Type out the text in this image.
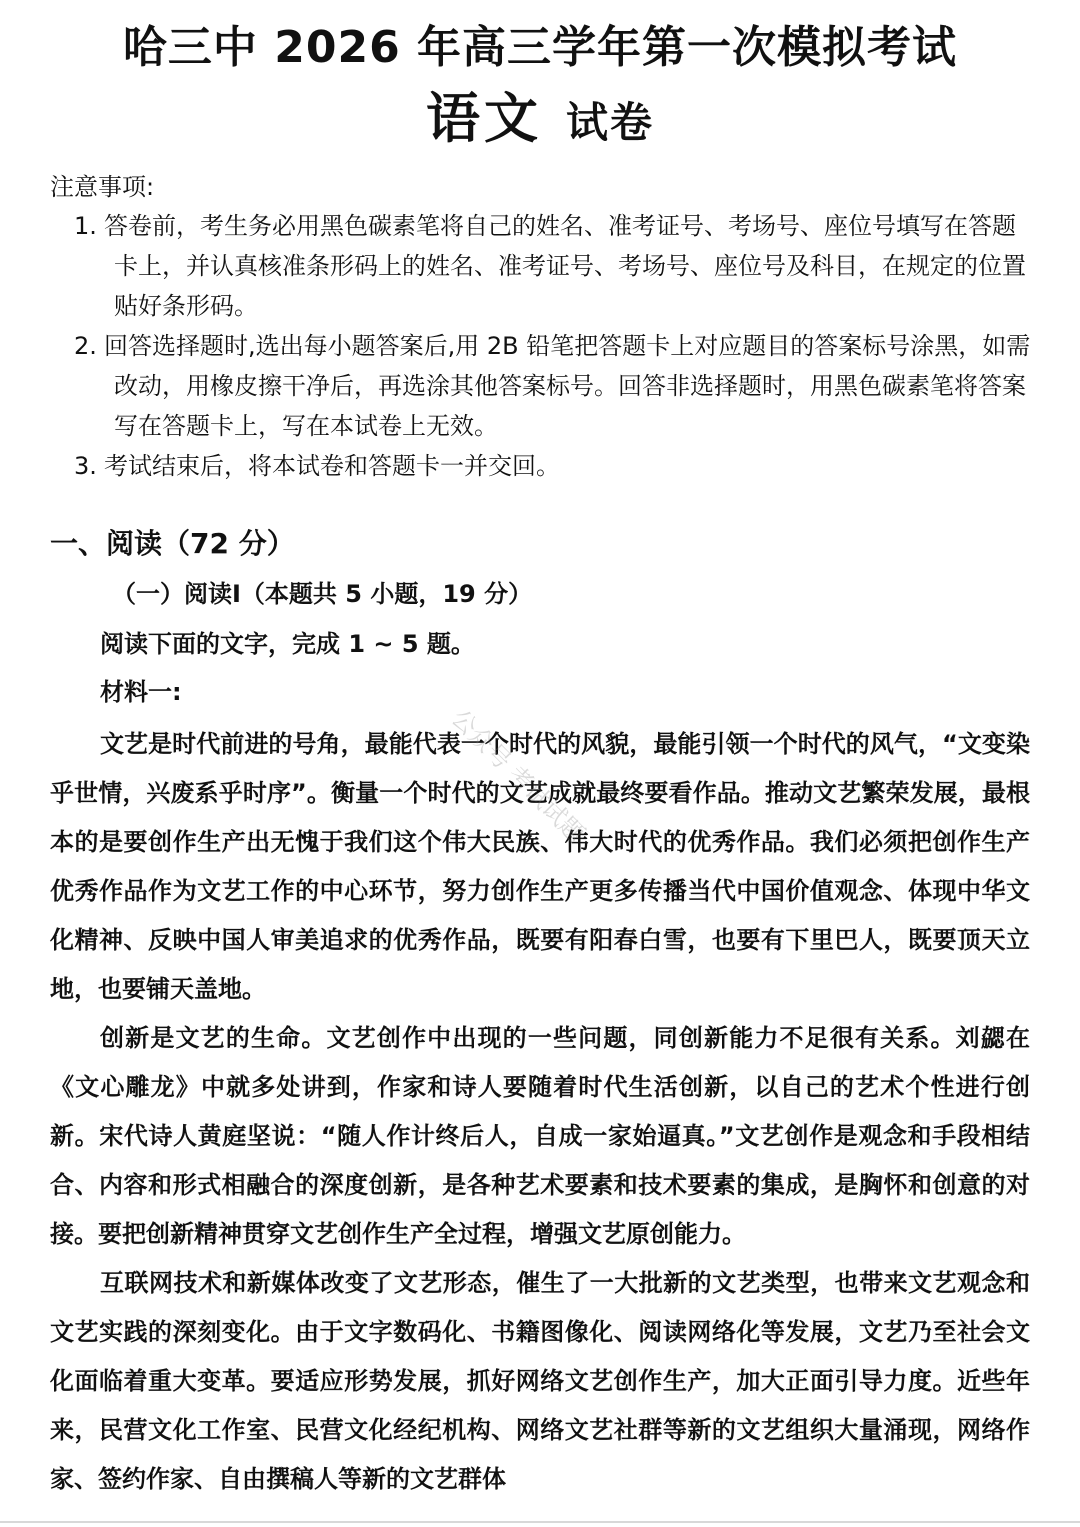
哈三中 2026 年高三学年第一次模拟考试
语文 试卷
注意事项:
1. 答卷前，考生务必用黑色碳素笔将自己的姓名、准考证号、考场号、座位号填写在答题卡上，并认真核准条形码上的姓名、准考证号、考场号、座位号及科目，在规定的位置贴好条形码。
2. 回答选择题时,选出每小题答案后,用 2B 铅笔把答题卡上对应题目的答案标号涂黑，如需改动，用橡皮擦干净后，再选涂其他答案标号。回答非选择题时，用黑色碳素笔将答案写在答题卡上，写在本试卷上无效。
3. 考试结束后，将本试卷和答题卡一并交回。
一、阅读（72 分）
（一）阅读I（本题共 5 小题，19 分）
阅读下面的文字，完成 1 ~ 5 题。
材料一:

文艺是时代前进的号角，最能代表一个时代的风貌，最能引领一个时代的风气，“文变染乎世情，兴废系乎时序”。衡量一个时代的文艺成就最终要看作品。推动文艺繁荣发展，最根本的是要创作生产出无愧于我们这个伟大民族、伟大时代的优秀作品。我们必须把创作生产优秀作品作为文艺工作的中心环节，努力创作生产更多传播当代中国价值观念、体现中华文化精神、反映中国人审美追求的优秀作品，既要有阳春白雪，也要有下里巴人，既要顶天立地，也要铺天盖地。

创新是文艺的生命。文艺创作中出现的一些问题，同创新能力不足很有关系。刘勰在《文心雕龙》中就多处讲到，作家和诗人要随着时代生活创新，以自己的艺术个性进行创新。宋代诗人黄庭坚说：“随人作计终后人，自成一家始逼真。”文艺创作是观念和手段相结合、内容和形式相融合的深度创新，是各种艺术要素和技术要素的集成，是胸怀和创意的对接。要把创新精神贯穿文艺创作生产全过程，增强文艺原创能力。

互联网技术和新媒体改变了文艺形态，催生了一大批新的文艺类型，也带来文艺观念和文艺实践的深刻变化。由于文字数码化、书籍图像化、阅读网络化等发展，文艺乃至社会文化面临着重大变革。要适应形势发展，抓好网络文艺创作生产，加大正面引导力度。近些年来，民营文化工作室、民营文化经纪机构、网络文艺社群等新的文艺组织大量涌现，网络作家、签约作家、自由撰稿人等新的文艺群体

公众号 考试试题
